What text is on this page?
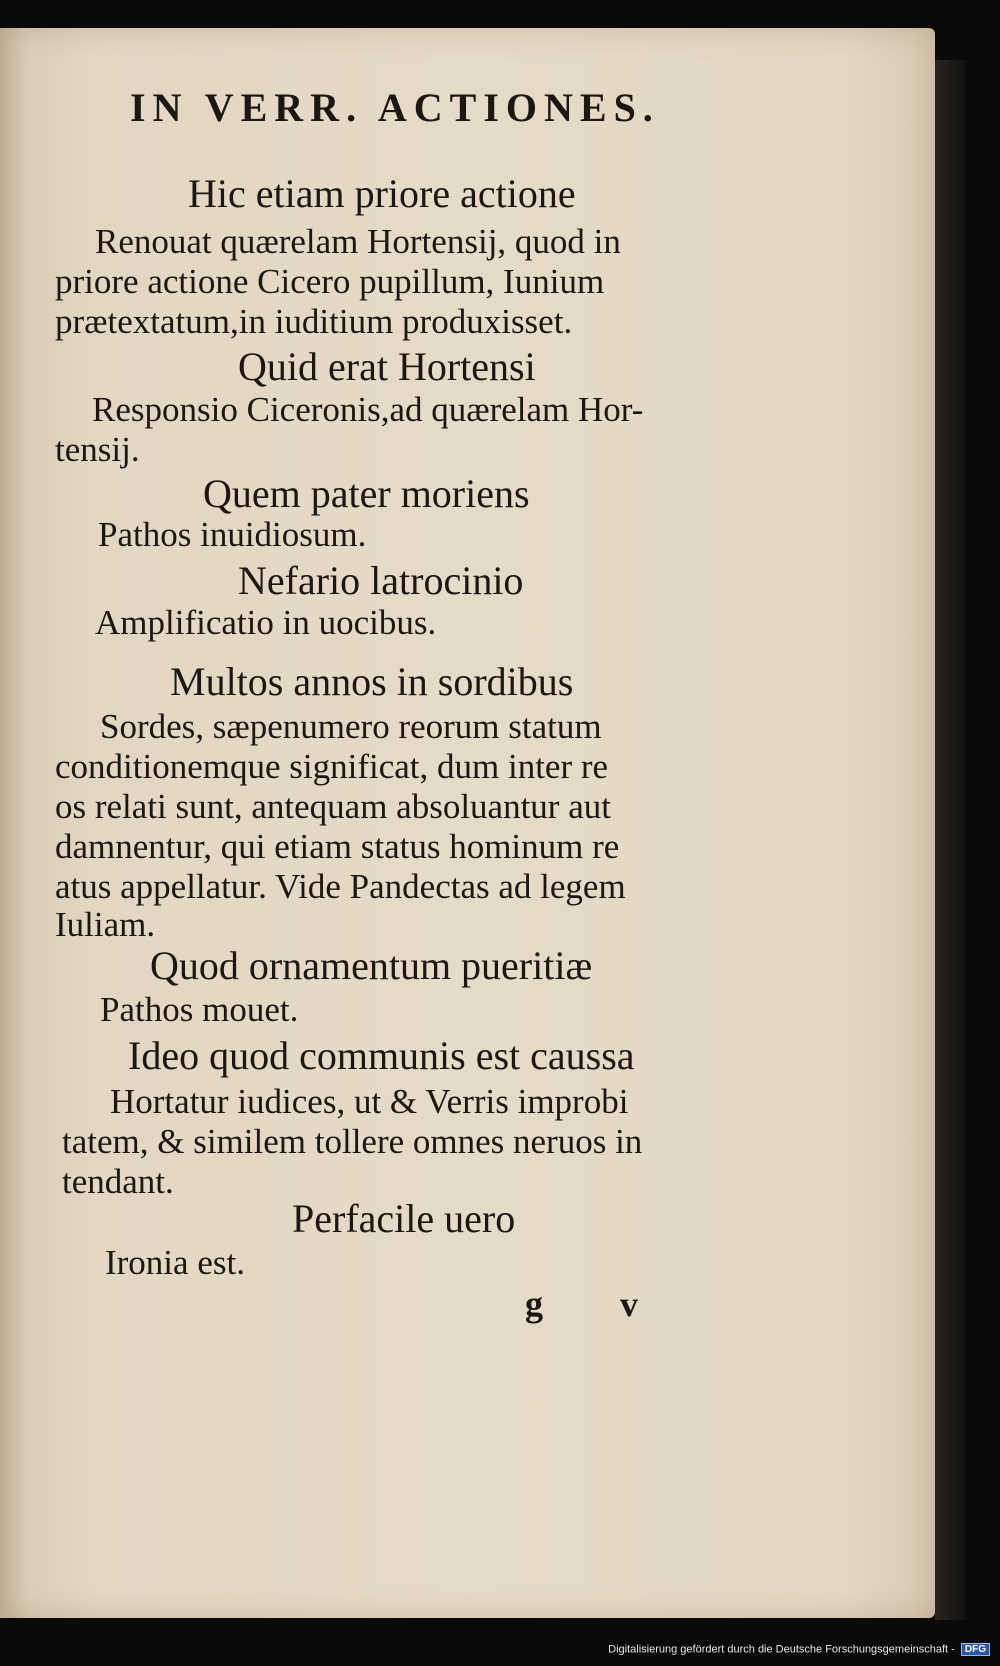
IN VERR. ACTIONES.
Hic etiam priore actione
Renouat quærelam Hortensij, quod in
priore actione Cicero pupillum, Iunium
prætextatum,in iuditium produxisset.
Quid erat Hortensi
Responsio Ciceronis,ad quærelam Hor-
tensij.
Quem pater moriens
Pathos inuidiosum.
Nefario latrocinio
Amplificatio in uocibus.
Multos annos in sordibus
Sordes, sæpenumero reorum statum
conditionemque significat, dum inter re
os relati sunt, antequam absoluantur aut
damnentur, qui etiam status hominum re
atus appellatur. Vide Pandectas ad legem
Iuliam.
Quod ornamentum pueritiæ
Pathos mouet.
Ideo quod communis est caussa
Hortatur iudices, ut & Verris improbi
tatem, & similem tollere omnes neruos in
tendant.
Perfacile uero
Ironia est.
g v
Digitalisierung gefördert durch die Deutsche Forschungsgemeinschaft - DFG
